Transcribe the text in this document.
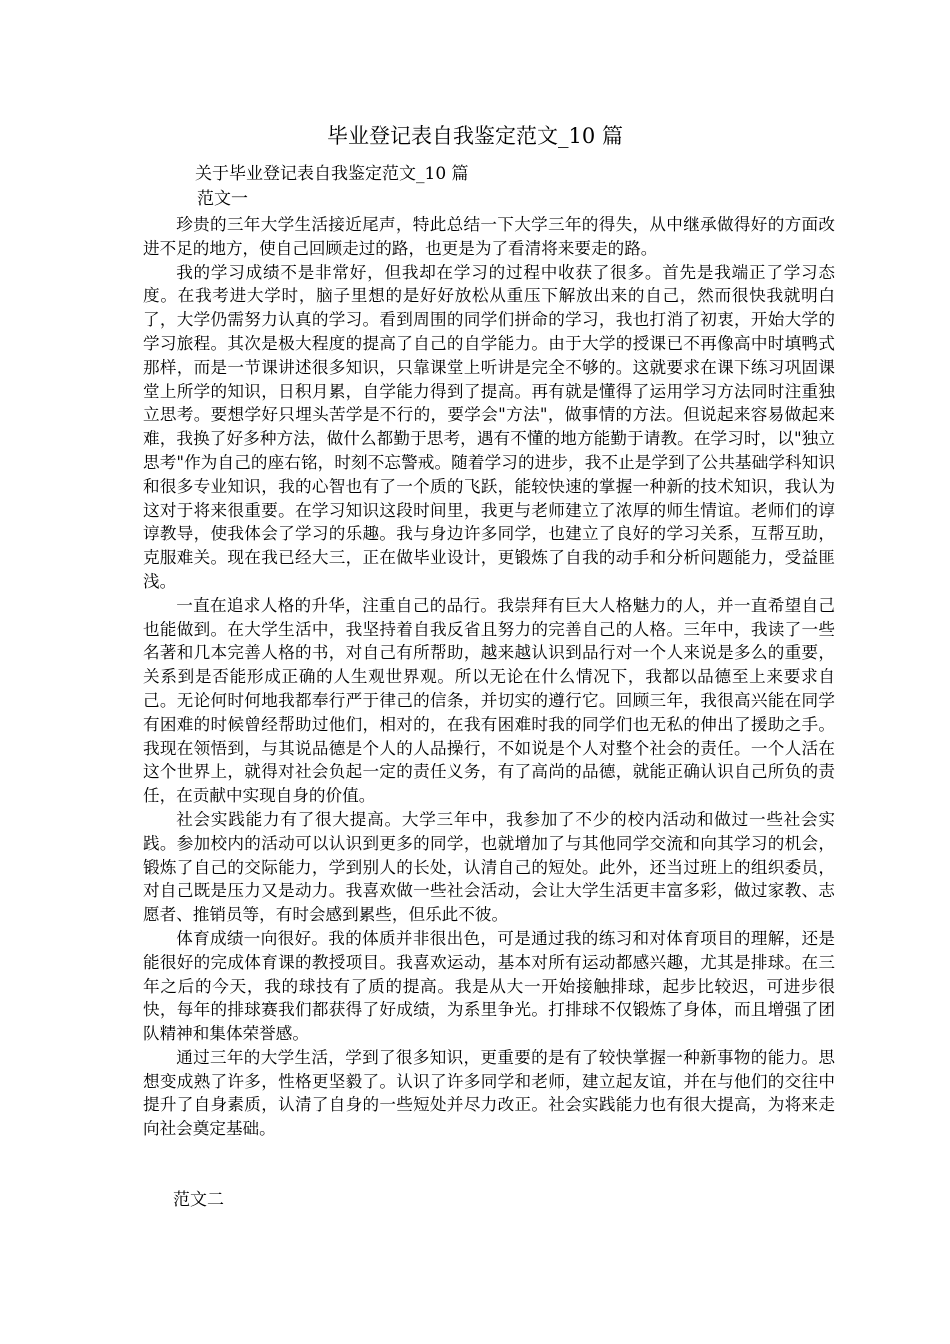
毕业登记表自我鉴定范文_10 篇
关于毕业登记表自我鉴定范文_10 篇
范文一

珍贵的三年大学生活接近尾声，特此总结一下大学三年的得失，从中继承做得好的方面改进不足的地方，使自己回顾走过的路，也更是为了看清将来要走的路。

我的学习成绩不是非常好，但我却在学习的过程中收获了很多。首先是我端正了学习态度。在我考进大学时，脑子里想的是好好放松从重压下解放出来的自己，然而很快我就明白了，大学仍需努力认真的学习。看到周围的同学们拼命的学习，我也打消了初衷，开始大学的学习旅程。其次是极大程度的提高了自己的自学能力。由于大学的授课已不再像高中时填鸭式那样，而是一节课讲述很多知识，只靠课堂上听讲是完全不够的。这就要求在课下练习巩固课堂上所学的知识，日积月累，自学能力得到了提高。再有就是懂得了运用学习方法同时注重独立思考。要想学好只埋头苦学是不行的，要学会"方法"，做事情的方法。但说起来容易做起来难，我换了好多种方法，做什么都勤于思考，遇有不懂的地方能勤于请教。在学习时，以"独立思考"作为自己的座右铭，时刻不忘警戒。随着学习的进步，我不止是学到了公共基础学科知识和很多专业知识，我的心智也有了一个质的飞跃，能较快速的掌握一种新的技术知识，我认为这对于将来很重要。在学习知识这段时间里，我更与老师建立了浓厚的师生情谊。老师们的谆谆教导，使我体会了学习的乐趣。我与身边许多同学，也建立了良好的学习关系，互帮互助，克服难关。现在我已经大三，正在做毕业设计，更锻炼了自我的动手和分析问题能力，受益匪浅。

一直在追求人格的升华，注重自己的品行。我崇拜有巨大人格魅力的人，并一直希望自己也能做到。在大学生活中，我坚持着自我反省且努力的完善自己的人格。三年中，我读了一些名著和几本完善人格的书，对自己有所帮助，越来越认识到品行对一个人来说是多么的重要，关系到是否能形成正确的人生观世界观。所以无论在什么情况下，我都以品德至上来要求自己。无论何时何地我都奉行严于律己的信条，并切实的遵行它。回顾三年，我很高兴能在同学有困难的时候曾经帮助过他们，相对的，在我有困难时我的同学们也无私的伸出了援助之手。我现在领悟到，与其说品德是个人的人品操行，不如说是个人对整个社会的责任。一个人活在这个世界上，就得对社会负起一定的责任义务，有了高尚的品德，就能正确认识自己所负的责任，在贡献中实现自身的价值。

社会实践能力有了很大提高。大学三年中，我参加了不少的校内活动和做过一些社会实践。参加校内的活动可以认识到更多的同学，也就增加了与其他同学交流和向其学习的机会，锻炼了自己的交际能力，学到别人的长处，认清自己的短处。此外，还当过班上的组织委员，对自己既是压力又是动力。我喜欢做一些社会活动，会让大学生活更丰富多彩，做过家教、志愿者、推销员等，有时会感到累些，但乐此不彼。

体育成绩一向很好。我的体质并非很出色，可是通过我的练习和对体育项目的理解，还是能很好的完成体育课的教授项目。我喜欢运动，基本对所有运动都感兴趣，尤其是排球。在三年之后的今天，我的球技有了质的提高。我是从大一开始接触排球，起步比较迟，可进步很快，每年的排球赛我们都获得了好成绩，为系里争光。打排球不仅锻炼了身体，而且增强了团队精神和集体荣誉感。

通过三年的大学生活，学到了很多知识，更重要的是有了较快掌握一种新事物的能力。思想变成熟了许多，性格更坚毅了。认识了许多同学和老师，建立起友谊，并在与他们的交往中提升了自身素质，认清了自身的一些短处并尽力改正。社会实践能力也有很大提高，为将来走向社会奠定基础。

范文二
